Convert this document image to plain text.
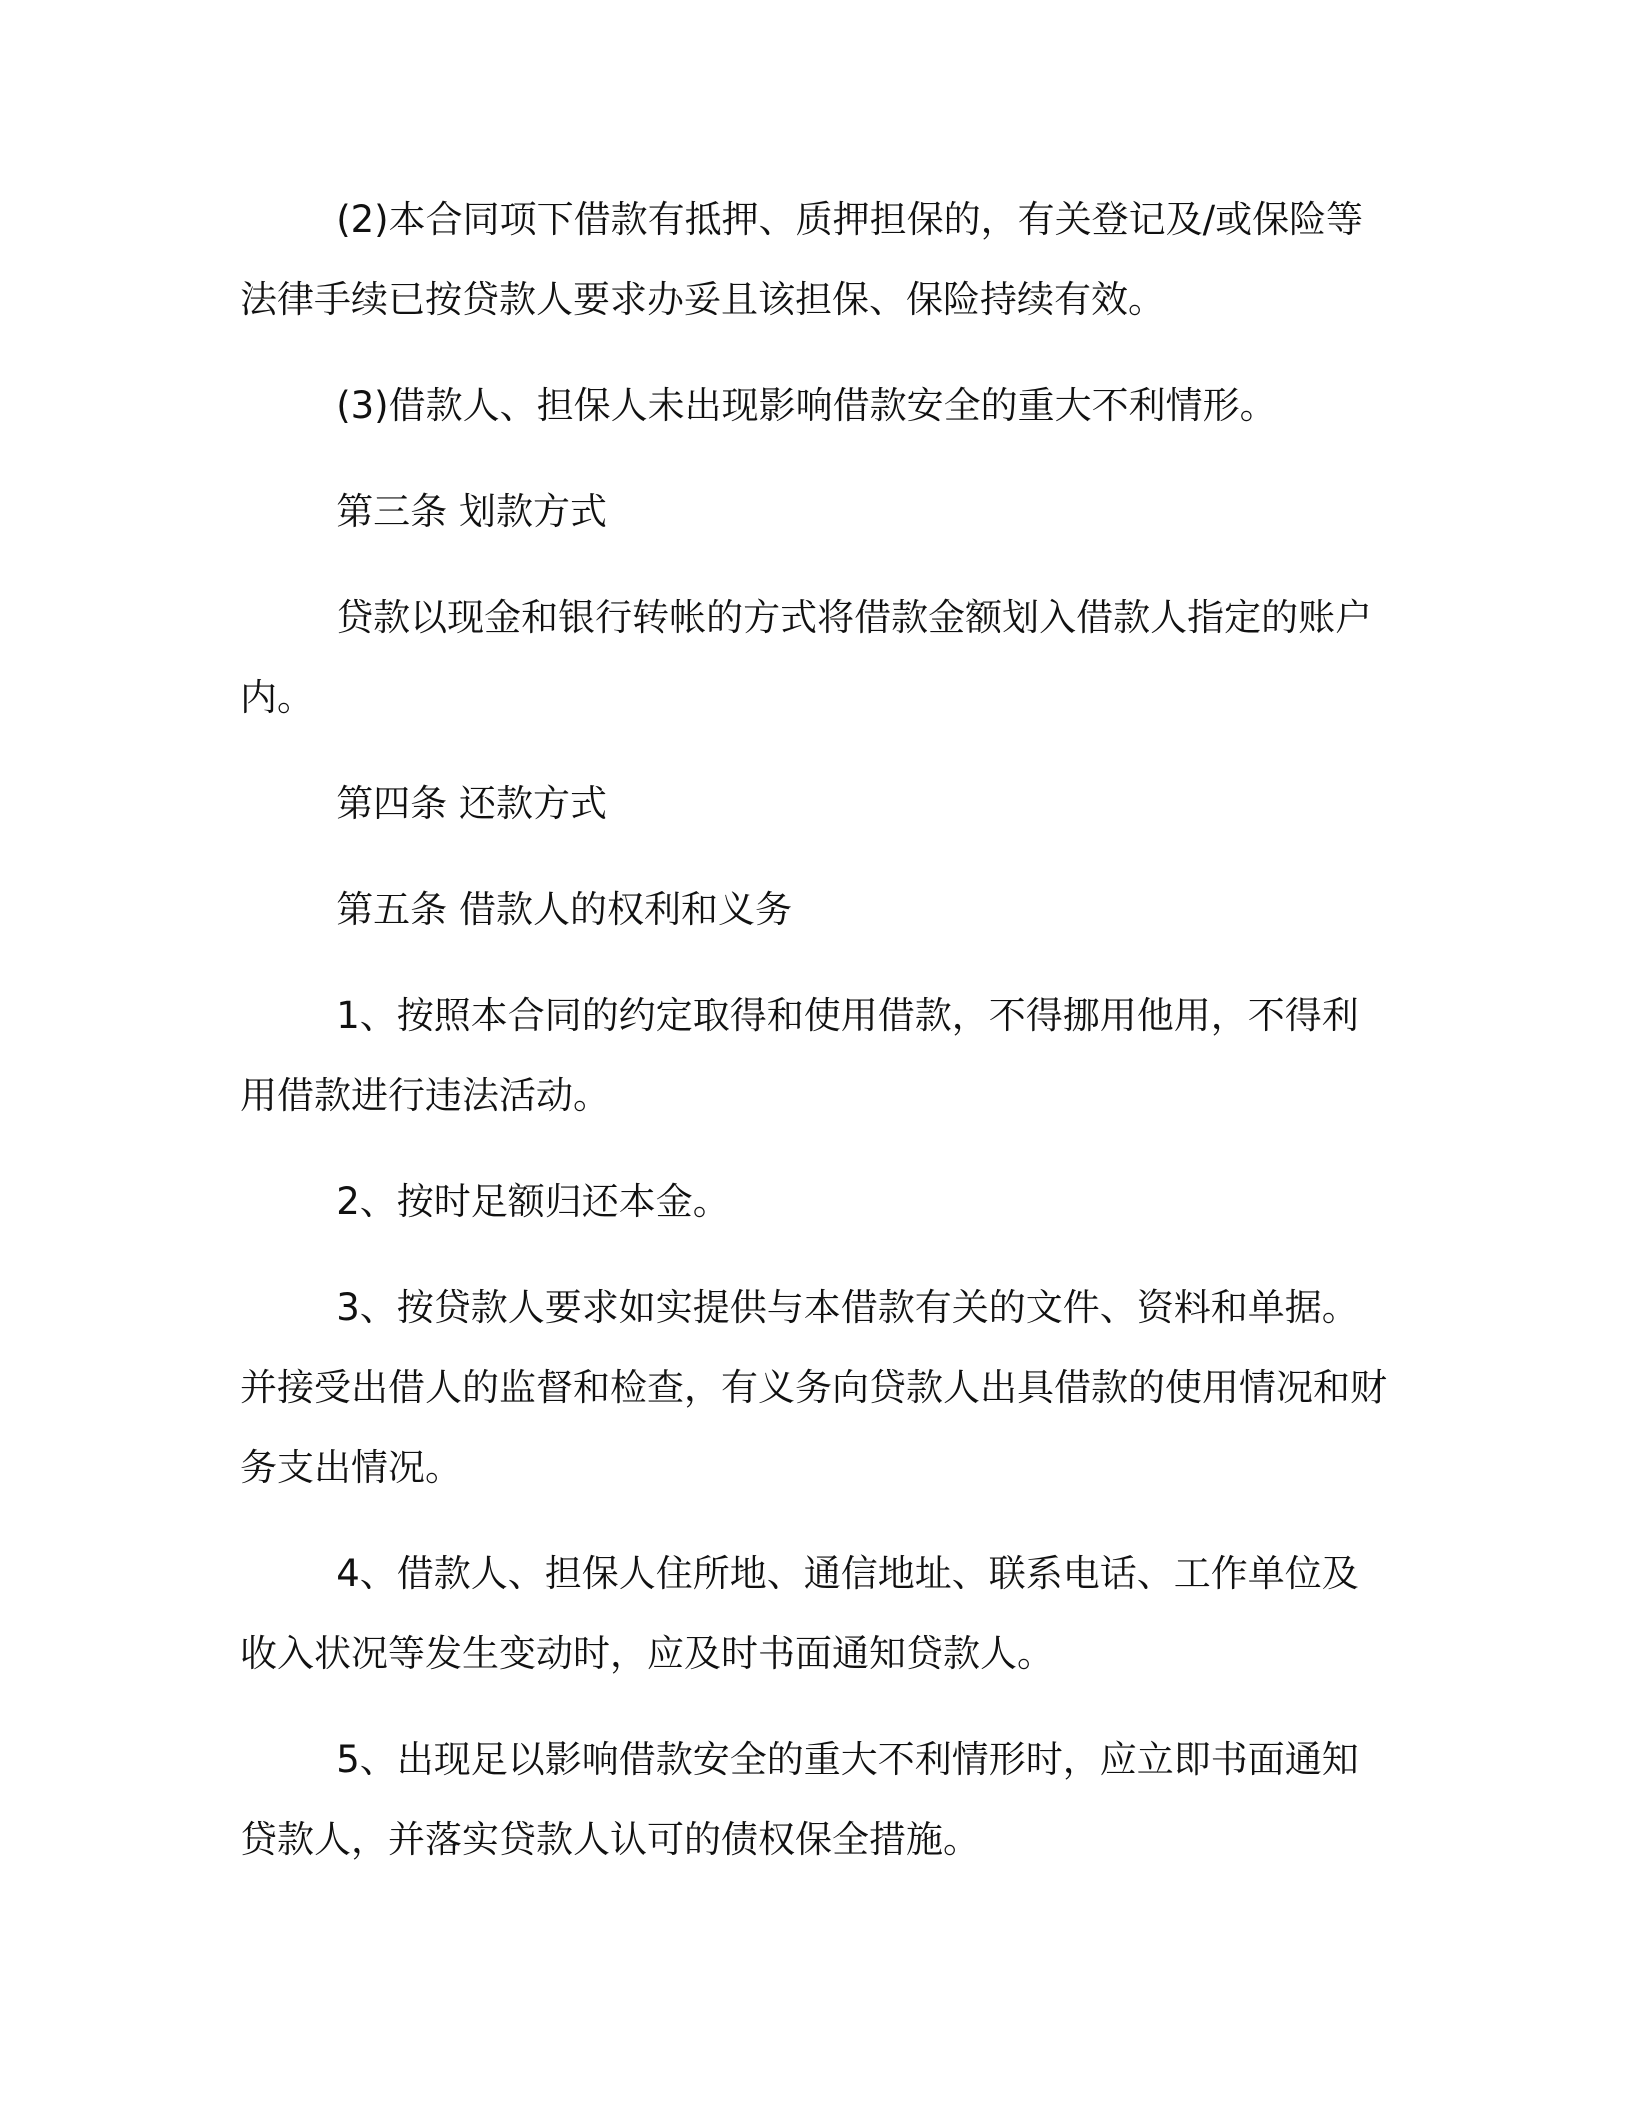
(2)本合同项下借款有抵押、质押担保的，有关登记及/或保险等法律手续已按贷款人要求办妥且该担保、保险持续有效。

(3)借款人、担保人未出现影响借款安全的重大不利情形。

第三条 划款方式

贷款以现金和银行转帐的方式将借款金额划入借款人指定的账户内。

第四条 还款方式

第五条 借款人的权利和义务

1、按照本合同的约定取得和使用借款，不得挪用他用，不得利用借款进行违法活动。

2、按时足额归还本金。

3、按贷款人要求如实提供与本借款有关的文件、资料和单据。并接受出借人的监督和检查，有义务向贷款人出具借款的使用情况和财务支出情况。

4、借款人、担保人住所地、通信地址、联系电话、工作单位及收入状况等发生变动时，应及时书面通知贷款人。

5、出现足以影响借款安全的重大不利情形时，应立即书面通知贷款人，并落实贷款人认可的债权保全措施。
